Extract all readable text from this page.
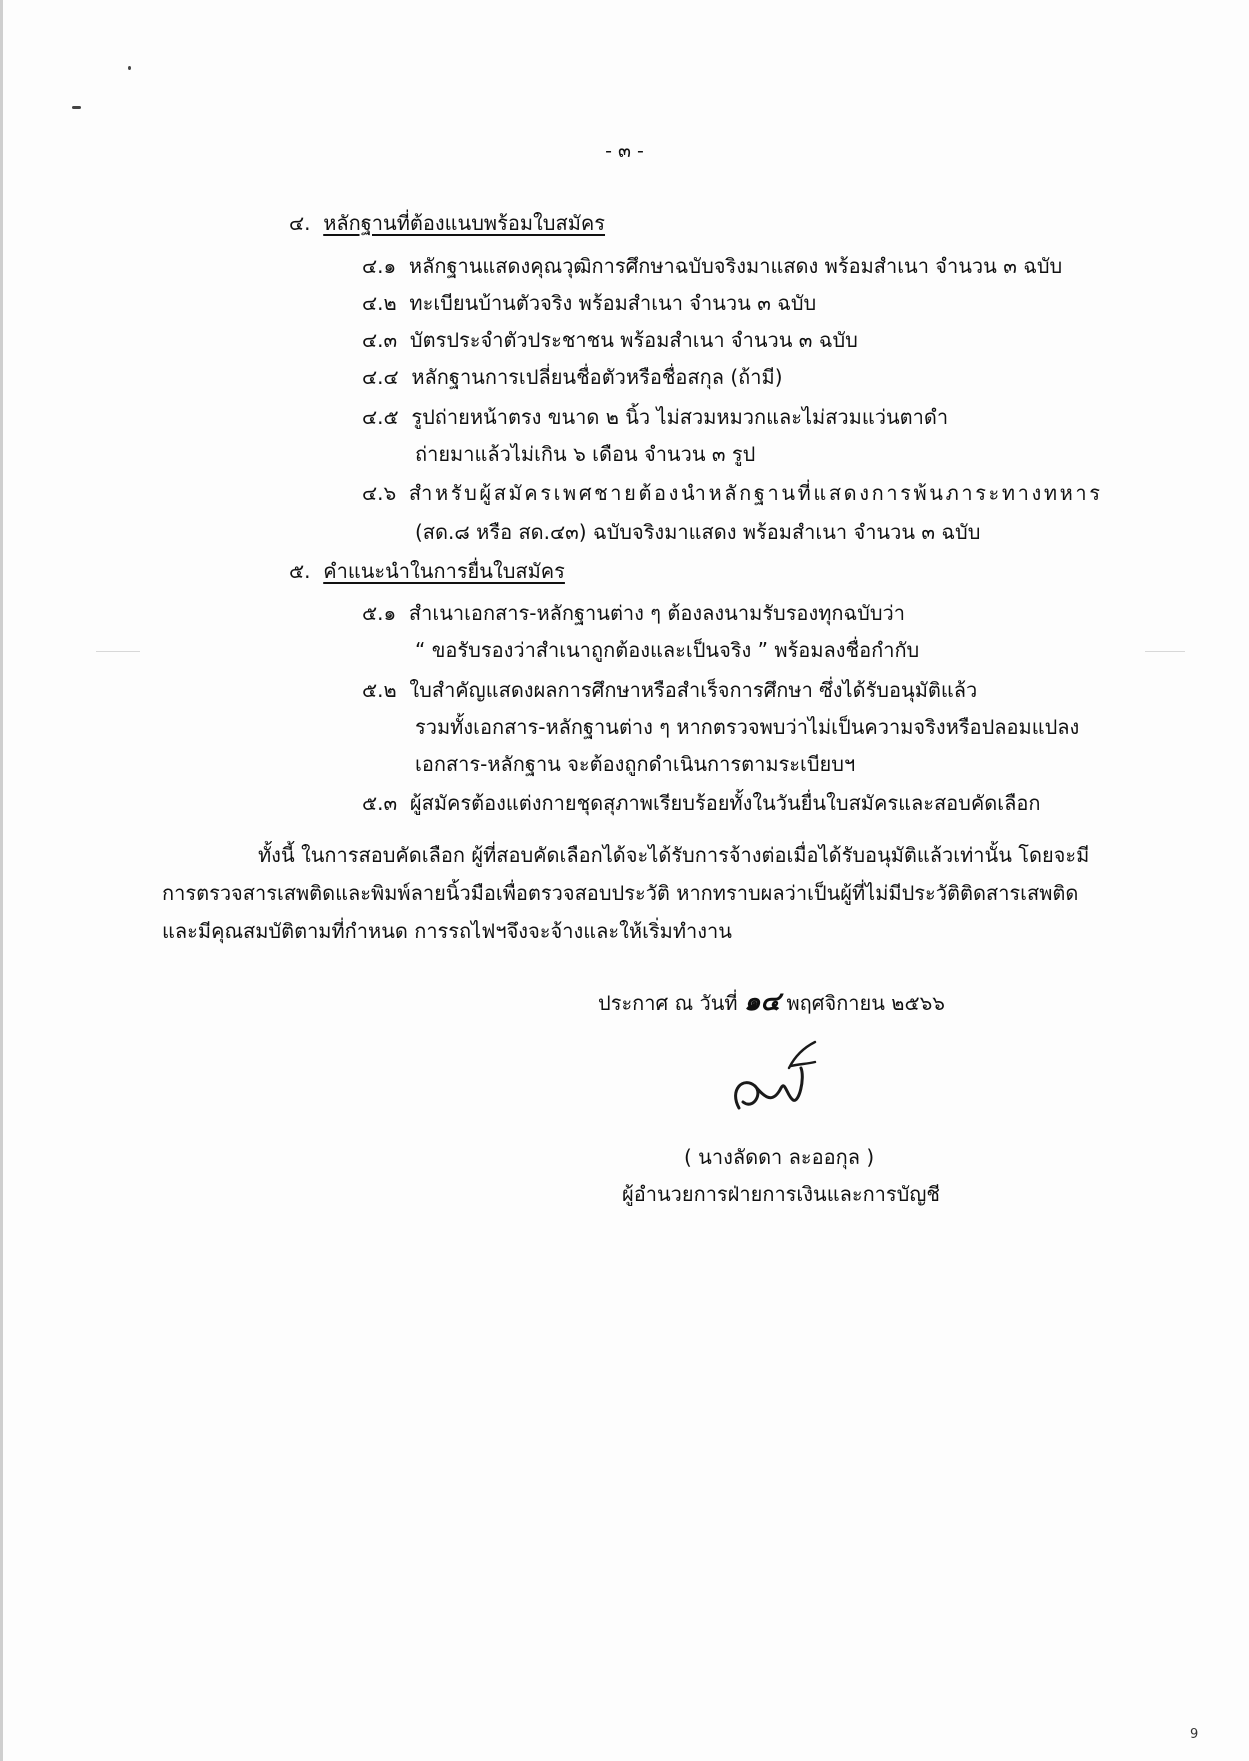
- ๓ -
๔. หลักฐานที่ต้องแนบพร้อมใบสมัคร
๔.๑ หลักฐานแสดงคุณวุฒิการศึกษาฉบับจริงมาแสดง พร้อมสำเนา จำนวน ๓ ฉบับ
๔.๒ ทะเบียนบ้านตัวจริง พร้อมสำเนา จำนวน ๓ ฉบับ
๔.๓ บัตรประจำตัวประชาชน พร้อมสำเนา จำนวน ๓ ฉบับ
๔.๔ หลักฐานการเปลี่ยนชื่อตัวหรือชื่อสกุล (ถ้ามี)
๔.๕ รูปถ่ายหน้าตรง ขนาด ๒ นิ้ว ไม่สวมหมวกและไม่สวมแว่นตาดำ
ถ่ายมาแล้วไม่เกิน ๖ เดือน จำนวน ๓ รูป
๔.๖ สำหรับผู้สมัครเพศชายต้องนำหลักฐานที่แสดงการพ้นภาระทางทหาร
(สด.๘ หรือ สด.๔๓) ฉบับจริงมาแสดง พร้อมสำเนา จำนวน ๓ ฉบับ
๕. คำแนะนำในการยื่นใบสมัคร
๕.๑ สำเนาเอกสาร-หลักฐานต่าง ๆ ต้องลงนามรับรองทุกฉบับว่า
“ ขอรับรองว่าสำเนาถูกต้องและเป็นจริง ” พร้อมลงชื่อกำกับ
๕.๒ ใบสำคัญแสดงผลการศึกษาหรือสำเร็จการศึกษา ซึ่งได้รับอนุมัติแล้ว
รวมทั้งเอกสาร-หลักฐานต่าง ๆ หากตรวจพบว่าไม่เป็นความจริงหรือปลอมแปลง
เอกสาร-หลักฐาน จะต้องถูกดำเนินการตามระเบียบฯ
๕.๓ ผู้สมัครต้องแต่งกายชุดสุภาพเรียบร้อยทั้งในวันยื่นใบสมัครและสอบคัดเลือก
ทั้งนี้ ในการสอบคัดเลือก ผู้ที่สอบคัดเลือกได้จะได้รับการจ้างต่อเมื่อได้รับอนุมัติแล้วเท่านั้น โดยจะมี
การตรวจสารเสพติดและพิมพ์ลายนิ้วมือเพื่อตรวจสอบประวัติ หากทราบผลว่าเป็นผู้ที่ไม่มีประวัติติดสารเสพติด
และมีคุณสมบัติตามที่กำหนด การรถไฟฯจึงจะจ้างและให้เริ่มทำงาน
ประกาศ ณ วันที่ ๑๔ พฤศจิกายน ๒๕๖๖
( นางลัดดา ละออกุล )
ผู้อำนวยการฝ่ายการเงินและการบัญชี
9
